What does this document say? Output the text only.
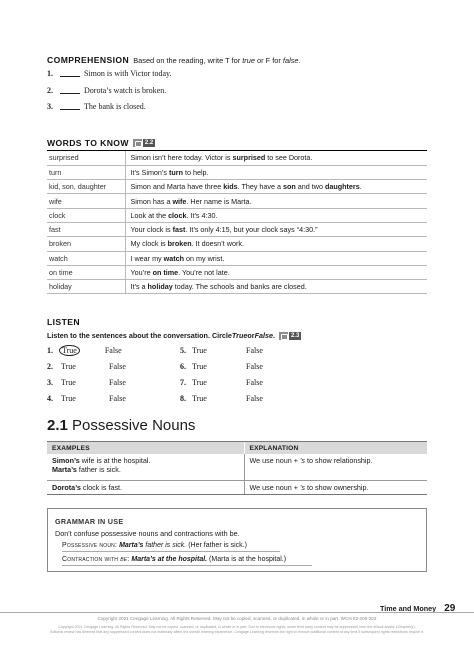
COMPREHENSION Based on the reading, write T for true or F for false.
1.	Simon is with Victor today.
2.	Dorota’s watch is broken.
3.	The bank is closed.
WORDS TO KNOW	2.2
surprised	Simon isn’t here today. Victor is surprised to see Dorota.
turn	It’s Simon’s turn to help.
kid, son, daughter	Simon and Marta have three kids. They have a son and two daughters.
wife	Simon has a wife. Her name is Marta.
clock	Look at the clock. It’s 4:30.
fast	Your clock is fast. It’s only 4:15, but your clock says “4:30.”
broken	My clock is broken. It doesn’t work.
watch	I wear my watch on my wrist.
on time	You’re on time. You’re not late.
holiday	It’s a holiday today. The schools and banks are closed.
LISTEN
Listen to the sentences about the conversation. Circle True or False .	2.3
1.	True	False	5. True	False
2.	True	False	6. True	False
3.	True	False	7. True	False
4.	True	False	8. True	False
2.1 Possessive Nouns
EXAMPLES	EXPLANATION

Simon’s wife is at the hospital.
Marta’s father is sick.	We use noun + ’s to show relationship.
Dorota’s clock is fast.	We use noun + ’s to show ownership.
GRAMMAR IN USE
Don’t confuse possessive nouns and contractions with be.
Possessive noun: Marta’s father is sick. (Her father is sick.)
Contraction with be: Marta’s at the hospital. (Marta is at the hospital.)
Time and Money 29
Copyright 2021 Cengage Learning. All Rights Reserved. May not be copied, scanned, or duplicated, in whole or in part. WCN 02-200-203
Copyright 2021 Cengage Learning. All Rights Reserved. May not be copied, scanned, or duplicated, in whole or in part. Due to electronic rights, some third party content may be suppressed from the eBook and/or eChapter(s).
Editorial review has deemed that any suppressed content does not materially affect the overall learning experience. Cengage Learning reserves the right to remove additional content at any time if subsequent rights restrictions require it.
